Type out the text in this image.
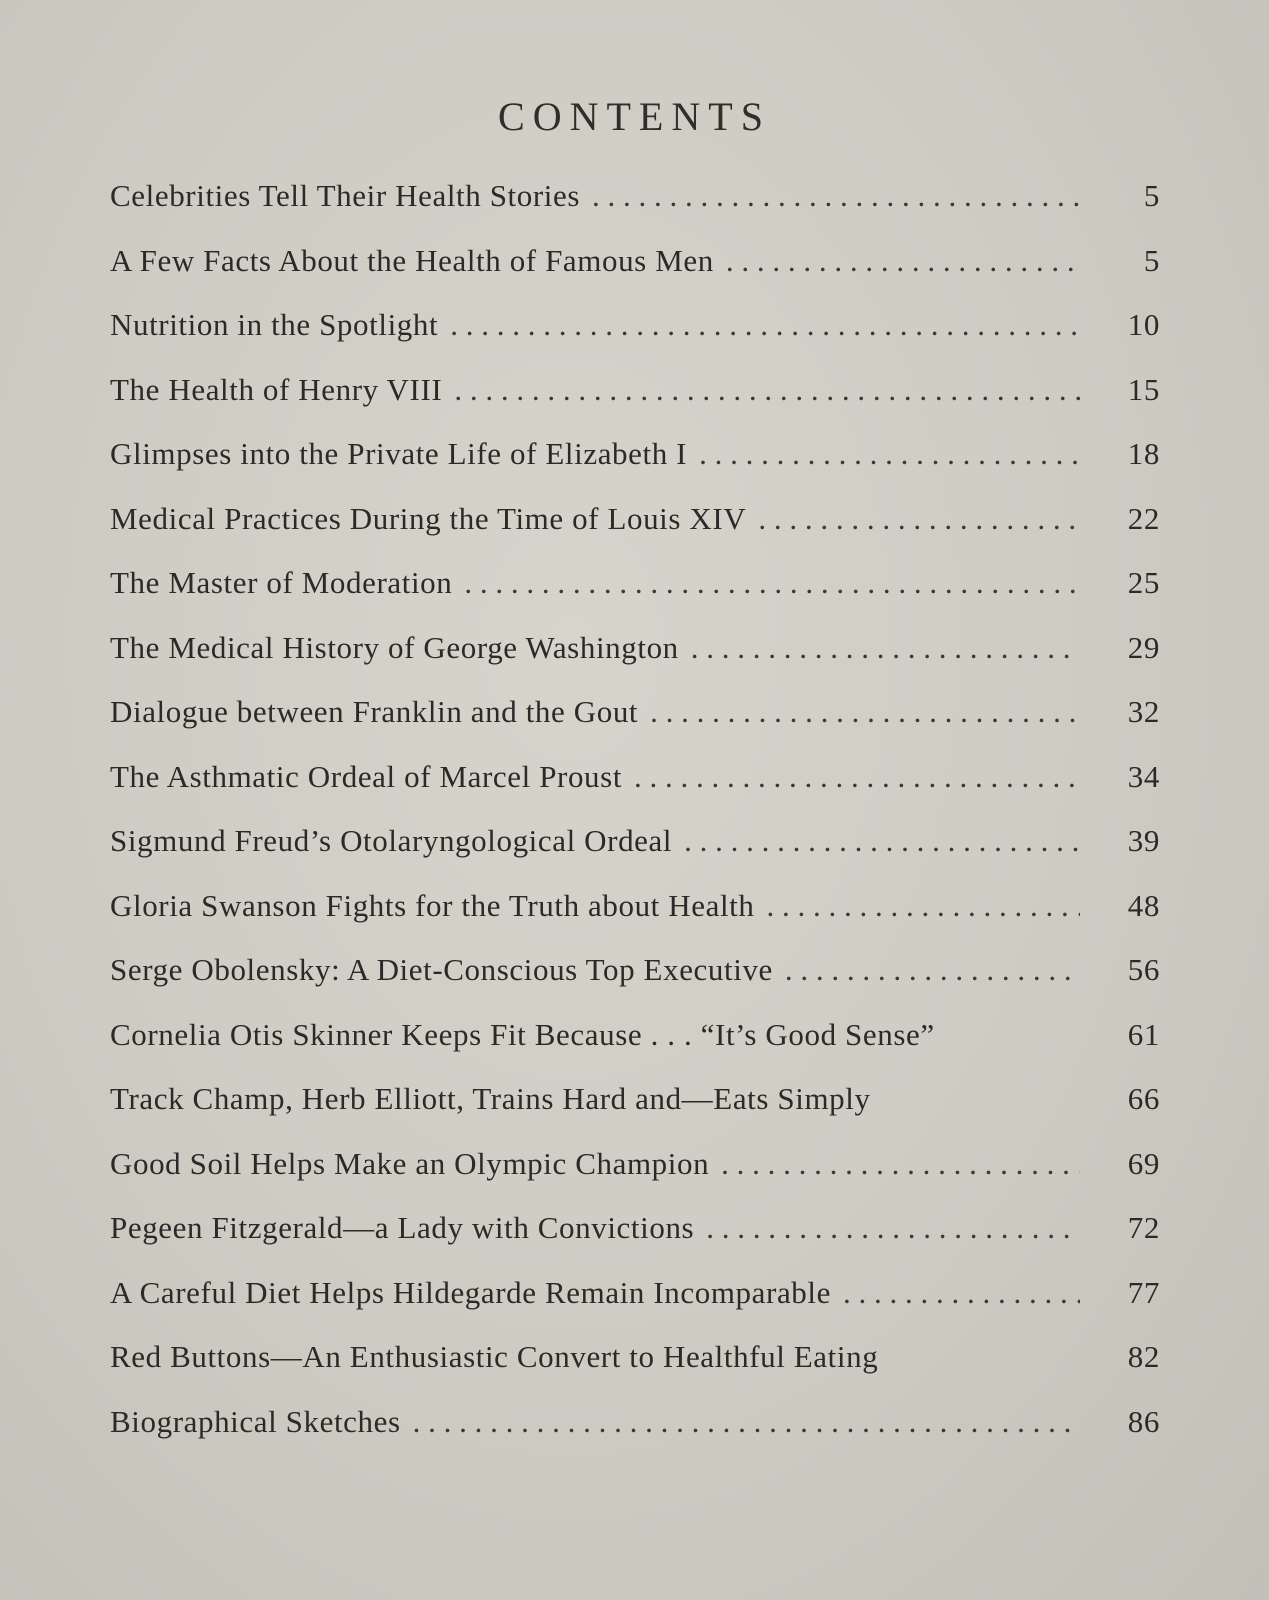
CONTENTS
Celebrities Tell Their Health Stories . . .	5
A Few Facts About the Health of Famous Men . . .	5
Nutrition in the Spotlight . . .	10
The Health of Henry VIII . . .	15
Glimpses into the Private Life of Elizabeth I . . .	18
Medical Practices During the Time of Louis XIV . . .	22
The Master of Moderation . . .	25
The Medical History of George Washington . . .	29
Dialogue between Franklin and the Gout . . .	32
The Asthmatic Ordeal of Marcel Proust . . .	34
Sigmund Freud’s Otolaryngological Ordeal . . .	39
Gloria Swanson Fights for the Truth about Health . . .	48
Serge Obolensky: A Diet-Conscious Top Executive . . .	56
Cornelia Otis Skinner Keeps Fit Because . . . “It’s Good Sense”	61
Track Champ, Herb Elliott, Trains Hard and—Eats Simply	66
Good Soil Helps Make an Olympic Champion . . .	69
Pegeen Fitzgerald—a Lady with Convictions . . .	72
A Careful Diet Helps Hildegarde Remain Incomparable . . .	77
Red Buttons—An Enthusiastic Convert to Healthful Eating	82
Biographical Sketches . . .	86
